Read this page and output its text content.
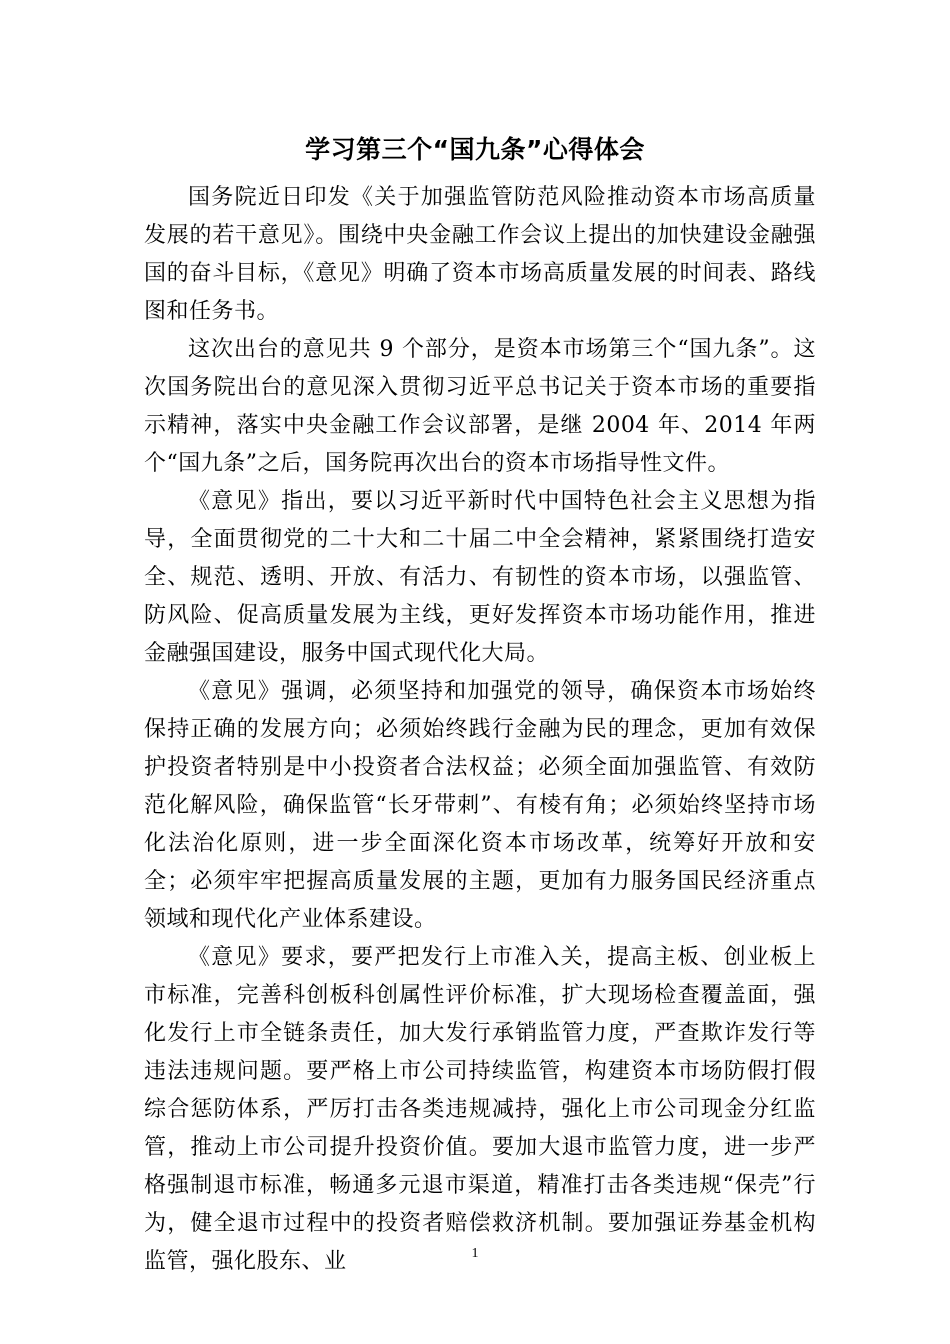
学习第三个“国九条”心得体会

国务院近日印发《关于加强监管防范风险推动资本市场高质量发展的若干意见》。围绕中央金融工作会议上提出的加快建设金融强国的奋斗目标，《意见》明确了资本市场高质量发展的时间表、路线图和任务书。

这次出台的意见共 9 个部分，是资本市场第三个“国九条”。这次国务院出台的意见深入贯彻习近平总书记关于资本市场的重要指示精神，落实中央金融工作会议部署，是继 2004 年、2014 年两个“国九条”之后，国务院再次出台的资本市场指导性文件。

《意见》指出，要以习近平新时代中国特色社会主义思想为指导，全面贯彻党的二十大和二十届二中全会精神，紧紧围绕打造安全、规范、透明、开放、有活力、有韧性的资本市场，以强监管、防风险、促高质量发展为主线，更好发挥资本市场功能作用，推进金融强国建设，服务中国式现代化大局。

《意见》强调，必须坚持和加强党的领导，确保资本市场始终保持正确的发展方向；必须始终践行金融为民的理念，更加有效保护投资者特别是中小投资者合法权益；必须全面加强监管、有效防范化解风险，确保监管“长牙带刺”、有棱有角；必须始终坚持市场化法治化原则，进一步全面深化资本市场改革，统筹好开放和安全；必须牢牢把握高质量发展的主题，更加有力服务国民经济重点领域和现代化产业体系建设。

《意见》要求，要严把发行上市准入关，提高主板、创业板上市标准，完善科创板科创属性评价标准，扩大现场检查覆盖面，强化发行上市全链条责任，加大发行承销监管力度，严查欺诈发行等违法违规问题。要严格上市公司持续监管，构建资本市场防假打假综合惩防体系，严厉打击各类违规减持，强化上市公司现金分红监管，推动上市公司提升投资价值。要加大退市监管力度，进一步严格强制退市标准，畅通多元退市渠道，精准打击各类违规“保壳”行为，健全退市过程中的投资者赔偿救济机制。要加强证券基金机构监管，强化股东、业	1
